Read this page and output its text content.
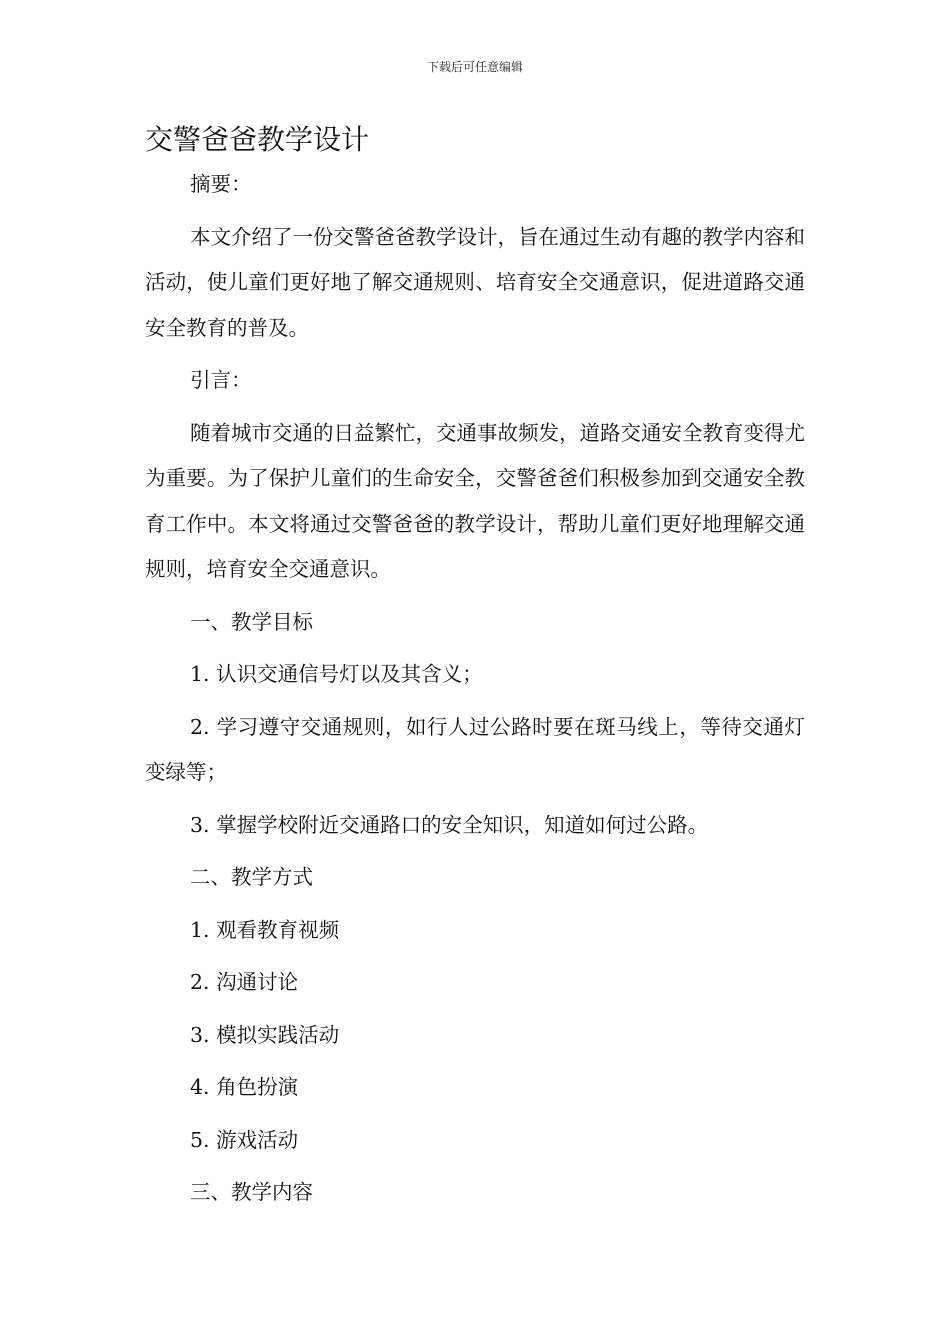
下载后可任意编辑
交警爸爸教学设计

摘要：

本文介绍了一份交警爸爸教学设计，旨在通过生动有趣的教学内容和活动，使儿童们更好地了解交通规则、培育安全交通意识，促进道路交通安全教育的普及。

引言：

随着城市交通的日益繁忙，交通事故频发，道路交通安全教育变得尤为重要。为了保护儿童们的生命安全，交警爸爸们积极参加到交通安全教育工作中。本文将通过交警爸爸的教学设计，帮助儿童们更好地理解交通规则，培育安全交通意识。

一、教学目标

1. 认识交通信号灯以及其含义；

2. 学习遵守交通规则，如行人过公路时要在斑马线上，等待交通灯变绿等；

3. 掌握学校附近交通路口的安全知识，知道如何过公路。

二、教学方式

1. 观看教育视频

2. 沟通讨论

3. 模拟实践活动

4. 角色扮演

5. 游戏活动

三、教学内容
